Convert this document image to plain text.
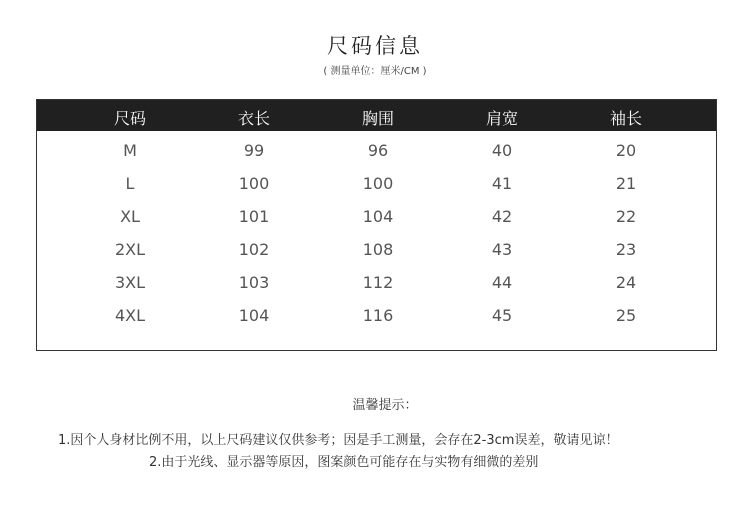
尺码信息
( 测量单位：厘米/CM )
尺码	衣长	胸围	肩宽	袖长
M	99	96	40	20
L	100	100	41	21
XL	101	104	42	22
2XL	102	108	43	23
3XL	103	112	44	24
4XL	104	116	45	25
温馨提示：
1.因个人身材比例不用，以上尺码建议仅供参考；因是手工测量，会存在2-3cm误差，敬请见谅！
2.由于光线、显示器等原因，图案颜色可能存在与实物有细微的差别
